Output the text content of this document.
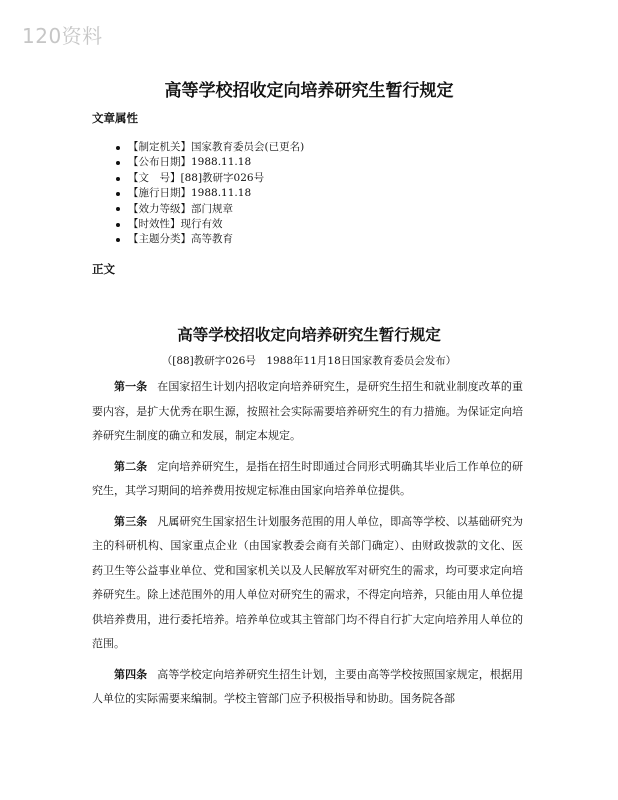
120资料
高等学校招收定向培养研究生暂行规定
文章属性
【制定机关】 国家教育委员会(已更名)
【公布日期】 1988.11.18
【文　号】 [88]教研字026号
【施行日期】 1988.11.18
【效力等级】 部门规章
【时效性】 现行有效
【主题分类】 高等教育
正文
高等学校招收定向培养研究生暂行规定
（[88]教研字026号　1988年11月18日国家教育委员会发布）

第一条 在国家招生计划内招收定向培养研究生，是研究生招生和就业制度改革的重要内容，是扩大优秀在职生源，按照社会实际需要培养研究生的有力措施。为保证定向培养研究生制度的确立和发展，制定本规定。

第二条 定向培养研究生，是指在招生时即通过合同形式明确其毕业后工作单位的研究生，其学习期间的培养费用按规定标准由国家向培养单位提供。

第三条 凡属研究生国家招生计划服务范围的用人单位，即高等学校、以基础研究为主的科研机构、国家重点企业（由国家教委会商有关部门确定）、由财政拨款的文化、医药卫生等公益事业单位、党和国家机关以及人民解放军对研究生的需求，均可要求定向培养研究生。除上述范围外的用人单位对研究生的需求，不得定向培养，只能由用人单位提供培养费用，进行委托培养。培养单位或其主管部门均不得自行扩大定向培养用人单位的范围。

第四条 高等学校定向培养研究生招生计划，主要由高等学校按照国家规定，根据用人单位的实际需要来编制。学校主管部门应予积极指导和协助。国务院各部
